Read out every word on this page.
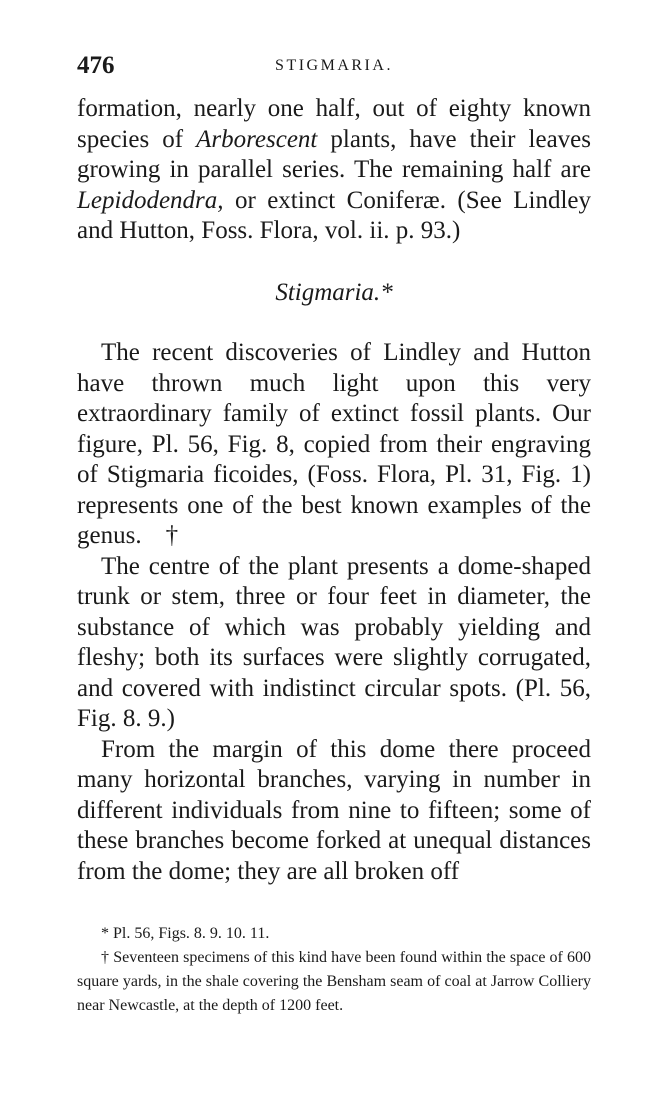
476	STIGMARIA.

formation, nearly one half, out of eighty known species of Arborescent plants, have their leaves growing in parallel series. The remaining half are Lepidodendra, or extinct Coniferæ. (See Lindley and Hutton, Foss. Flora, vol. ii. p. 93.)

Stigmaria.*

The recent discoveries of Lindley and Hutton have thrown much light upon this very extraordinary family of extinct fossil plants. Our figure, Pl. 56, Fig. 8, copied from their engraving of Stigmaria ficoides, (Foss. Flora, Pl. 31, Fig. 1) represents one of the best known examples of the genus. †

The centre of the plant presents a dome-shaped trunk or stem, three or four feet in diameter, the substance of which was probably yielding and fleshy; both its surfaces were slightly corrugated, and covered with indistinct circular spots. (Pl. 56, Fig. 8. 9.)

From the margin of this dome there proceed many horizontal branches, varying in number in different individuals from nine to fifteen; some of these branches become forked at unequal distances from the dome; they are all broken off

* Pl. 56, Figs. 8. 9. 10. 11.

† Seventeen specimens of this kind have been found within the space of 600 square yards, in the shale covering the Bensham seam of coal at Jarrow Colliery near Newcastle, at the depth of 1200 feet.
